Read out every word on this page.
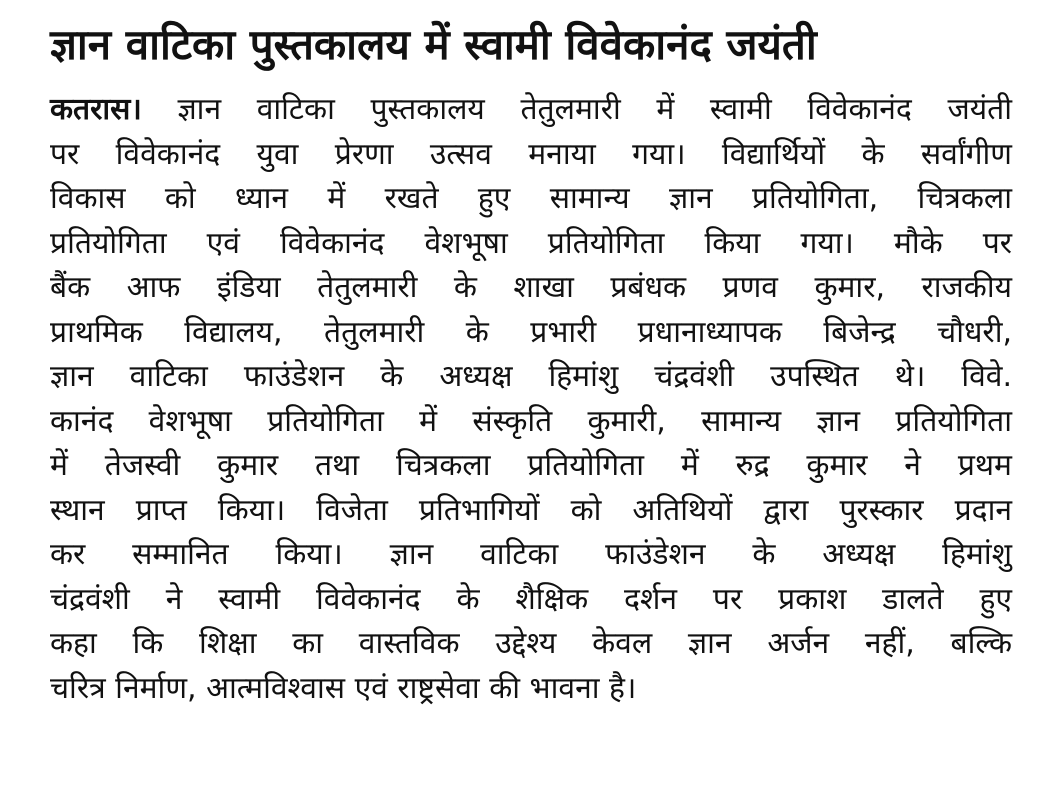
ज्ञान वाटिका पुस्तकालय में स्वामी विवेकानंद जयंती
कतरास। ज्ञान वाटिका पुस्तकालय तेतुलमारी में स्वामी विवेकानंद जयंती
पर विवेकानंद युवा प्रेरणा उत्सव मनाया गया। विद्यार्थियों के सर्वांगीण
विकास को ध्यान में रखते हुए सामान्य ज्ञान प्रतियोगिता, चित्रकला
प्रतियोगिता एवं विवेकानंद वेशभूषा प्रतियोगिता किया गया। मौके पर
बैंक आफ इंडिया तेतुलमारी के शाखा प्रबंधक प्रणव कुमार, राजकीय
प्राथमिक विद्यालय, तेतुलमारी के प्रभारी प्रधानाध्यापक बिजेन्द्र चौधरी,
ज्ञान वाटिका फाउंडेशन के अध्यक्ष हिमांशु चंद्रवंशी उपस्थित थे। विवे.
कानंद वेशभूषा प्रतियोगिता में संस्कृति कुमारी, सामान्य ज्ञान प्रतियोगिता
में तेजस्वी कुमार तथा चित्रकला प्रतियोगिता में रुद्र कुमार ने प्रथम
स्थान प्राप्त किया। विजेता प्रतिभागियों को अतिथियों द्वारा पुरस्कार प्रदान
कर सम्मानित किया। ज्ञान वाटिका फाउंडेशन के अध्यक्ष हिमांशु
चंद्रवंशी ने स्वामी विवेकानंद के शैक्षिक दर्शन पर प्रकाश डालते हुए
कहा कि शिक्षा का वास्तविक उद्देश्य केवल ज्ञान अर्जन नहीं, बल्कि
चरित्र निर्माण, आत्मविश्वास एवं राष्ट्रसेवा की भावना है।
